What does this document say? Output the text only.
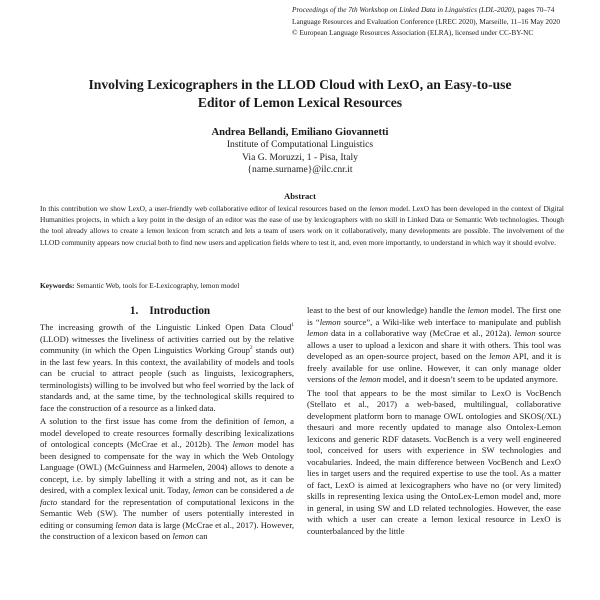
Proceedings of the 7th Workshop on Linked Data in Linguistics (LDL-2020), pages 70–74
Language Resources and Evaluation Conference (LREC 2020), Marseille, 11–16 May 2020
© European Language Resources Association (ELRA), licensed under CC-BY-NC
Involving Lexicographers in the LLOD Cloud with LexO, an Easy-to-use
Editor of Lemon Lexical Resources
Andrea Bellandi, Emiliano Giovannetti
Institute of Computational Linguistics
Via G. Moruzzi, 1 - Pisa, Italy
{name.surname}@ilc.cnr.it
Abstract
In this contribution we show LexO, a user-friendly web collaborative editor of lexical resources based on the lemon model. LexO has been developed in the context of Digital Humanities projects, in which a key point in the design of an editor was the ease of use by lexicographers with no skill in Linked Data or Semantic Web technologies. Though the tool already allows to create a lemon lexicon from scratch and lets a team of users work on it collaboratively, many developments are possible. The involvement of the LLOD community appears now crucial both to find new users and application fields where to test it, and, even more importantly, to understand in which way it should evolve.
Keywords: Semantic Web, tools for E-Lexicography, lemon model
1. Introduction

The increasing growth of the Linguistic Linked Open Data Cloud$^1$ (LLOD) witnesses the liveliness of activities carried out by the relative community (in which the Open Linguistics Working Group$^2$ stands out) in the last few years. In this context, the availability of models and tools can be crucial to attract people (such as linguists, lexicographers, terminologists) willing to be involved but who feel worried by the lack of standards and, at the same time, by the technological skills required to face the construction of a resource as a linked data.

A solution to the first issue has come from the definition of lemon, a model developed to create resources formally describing lexicalizations of ontological concepts (McCrae et al., 2012b). The lemon model has been designed to compensate for the way in which the Web Ontology Language (OWL) (McGuinness and Harmelen, 2004) allows to denote a concept, i.e. by simply labelling it with a string and not, as it can be desired, with a complex lexical unit. Today, lemon can be considered a de facto standard for the representation of computational lexicons in the Semantic Web (SW). The number of users potentially interested in editing or consuming lemon data is large (McCrae et al., 2017). However, the construction of a lexicon based on lemon can

least to the best of our knowledge) handle the lemon model. The first one is “lemon source”, a Wiki-like web interface to manipulate and publish lemon data in a collaborative way (McCrae et al., 2012a). lemon source allows a user to upload a lexicon and share it with others. This tool was developed as an open-source project, based on the lemon API, and it is freely available for use online. However, it can only manage older versions of the lemon model, and it doesn’t seem to be updated anymore.

The tool that appears to be the most similar to LexO is VocBench (Stellato et al., 2017) a web-based, multilingual, collaborative development platform born to manage OWL ontologies and SKOS(/XL) thesauri and more recently updated to manage also Ontolex-Lemon lexicons and generic RDF datasets. VocBench is a very well engineered tool, conceived for users with experience in SW technologies and vocabularies. Indeed, the main difference between VocBench and LexO lies in target users and the required expertise to use the tool. As a matter of fact, LexO is aimed at lexicographers who have no (or very limited) skills in representing lexica using the OntoLex-Lemon model and, more in general, in using SW and LD related technologies. However, the ease with which a user can create a lemon lexical resource in LexO is counterbalanced by the little
